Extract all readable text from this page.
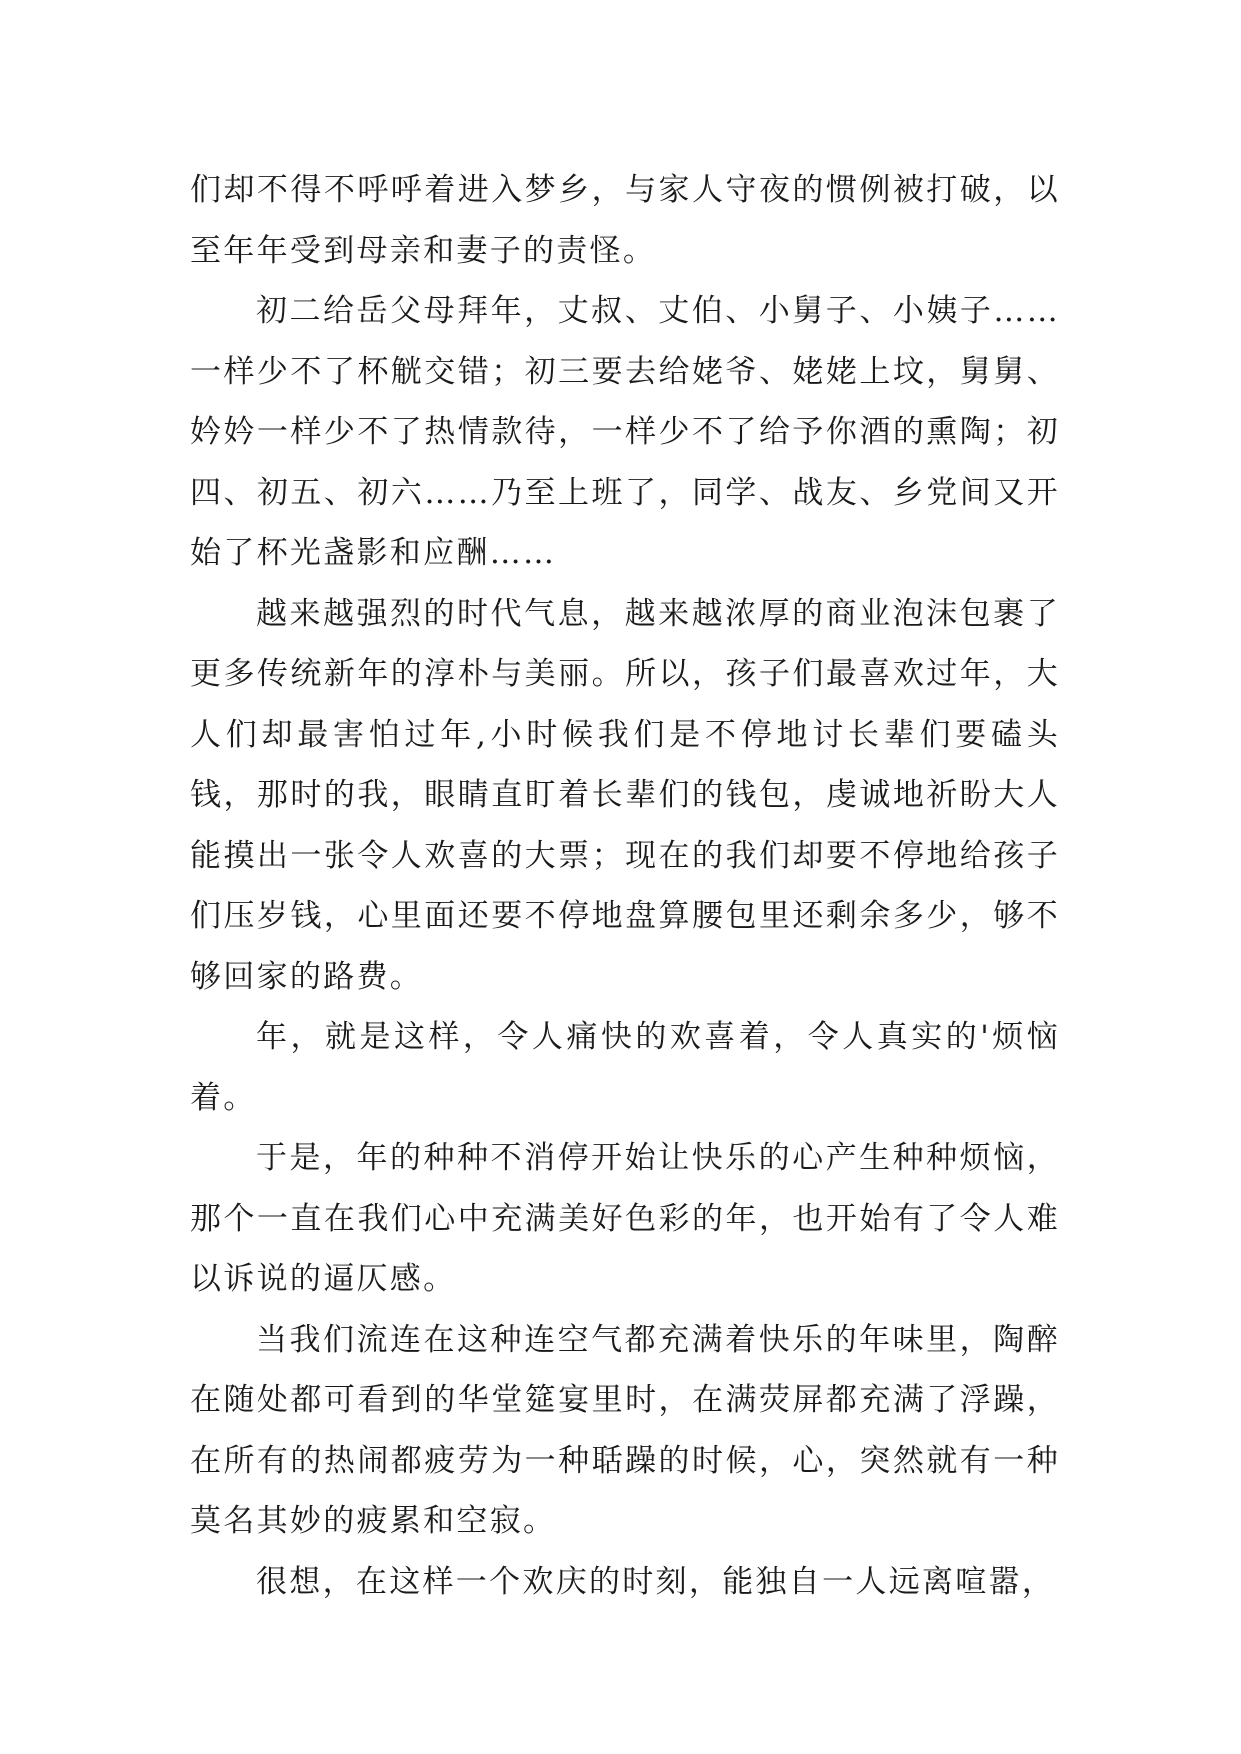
们却不得不呼呼着进入梦乡，与家人守夜的惯例被打破，以至年年受到母亲和妻子的责怪。

初二给岳父母拜年，丈叔、丈伯、小舅子、小姨子……一样少不了杯觥交错；初三要去给姥爷、姥姥上坟，舅舅、妗妗一样少不了热情款待，一样少不了给予你酒的熏陶；初四、初五、初六……乃至上班了，同学、战友、乡党间又开始了杯光盏影和应酬……

越来越强烈的时代气息，越来越浓厚的商业泡沫包裹了更多传统新年的淳朴与美丽。所以，孩子们最喜欢过年，大人们却最害怕过年,小时候我们是不停地讨长辈们要磕头钱，那时的我，眼睛直盯着长辈们的钱包，虔诚地祈盼大人能摸出一张令人欢喜的大票；现在的我们却要不停地给孩子们压岁钱，心里面还要不停地盘算腰包里还剩余多少，够不够回家的路费。

年，就是这样，令人痛快的欢喜着，令人真实的'烦恼着。

于是，年的种种不消停开始让快乐的心产生种种烦恼，那个一直在我们心中充满美好色彩的年，也开始有了令人难以诉说的逼仄感。

当我们流连在这种连空气都充满着快乐的年味里，陶醉在随处都可看到的华堂筵宴里时，在满荧屏都充满了浮躁，在所有的热闹都疲劳为一种聒躁的时候，心，突然就有一种莫名其妙的疲累和空寂。

很想，在这样一个欢庆的时刻，能独自一人远离喧嚣，
